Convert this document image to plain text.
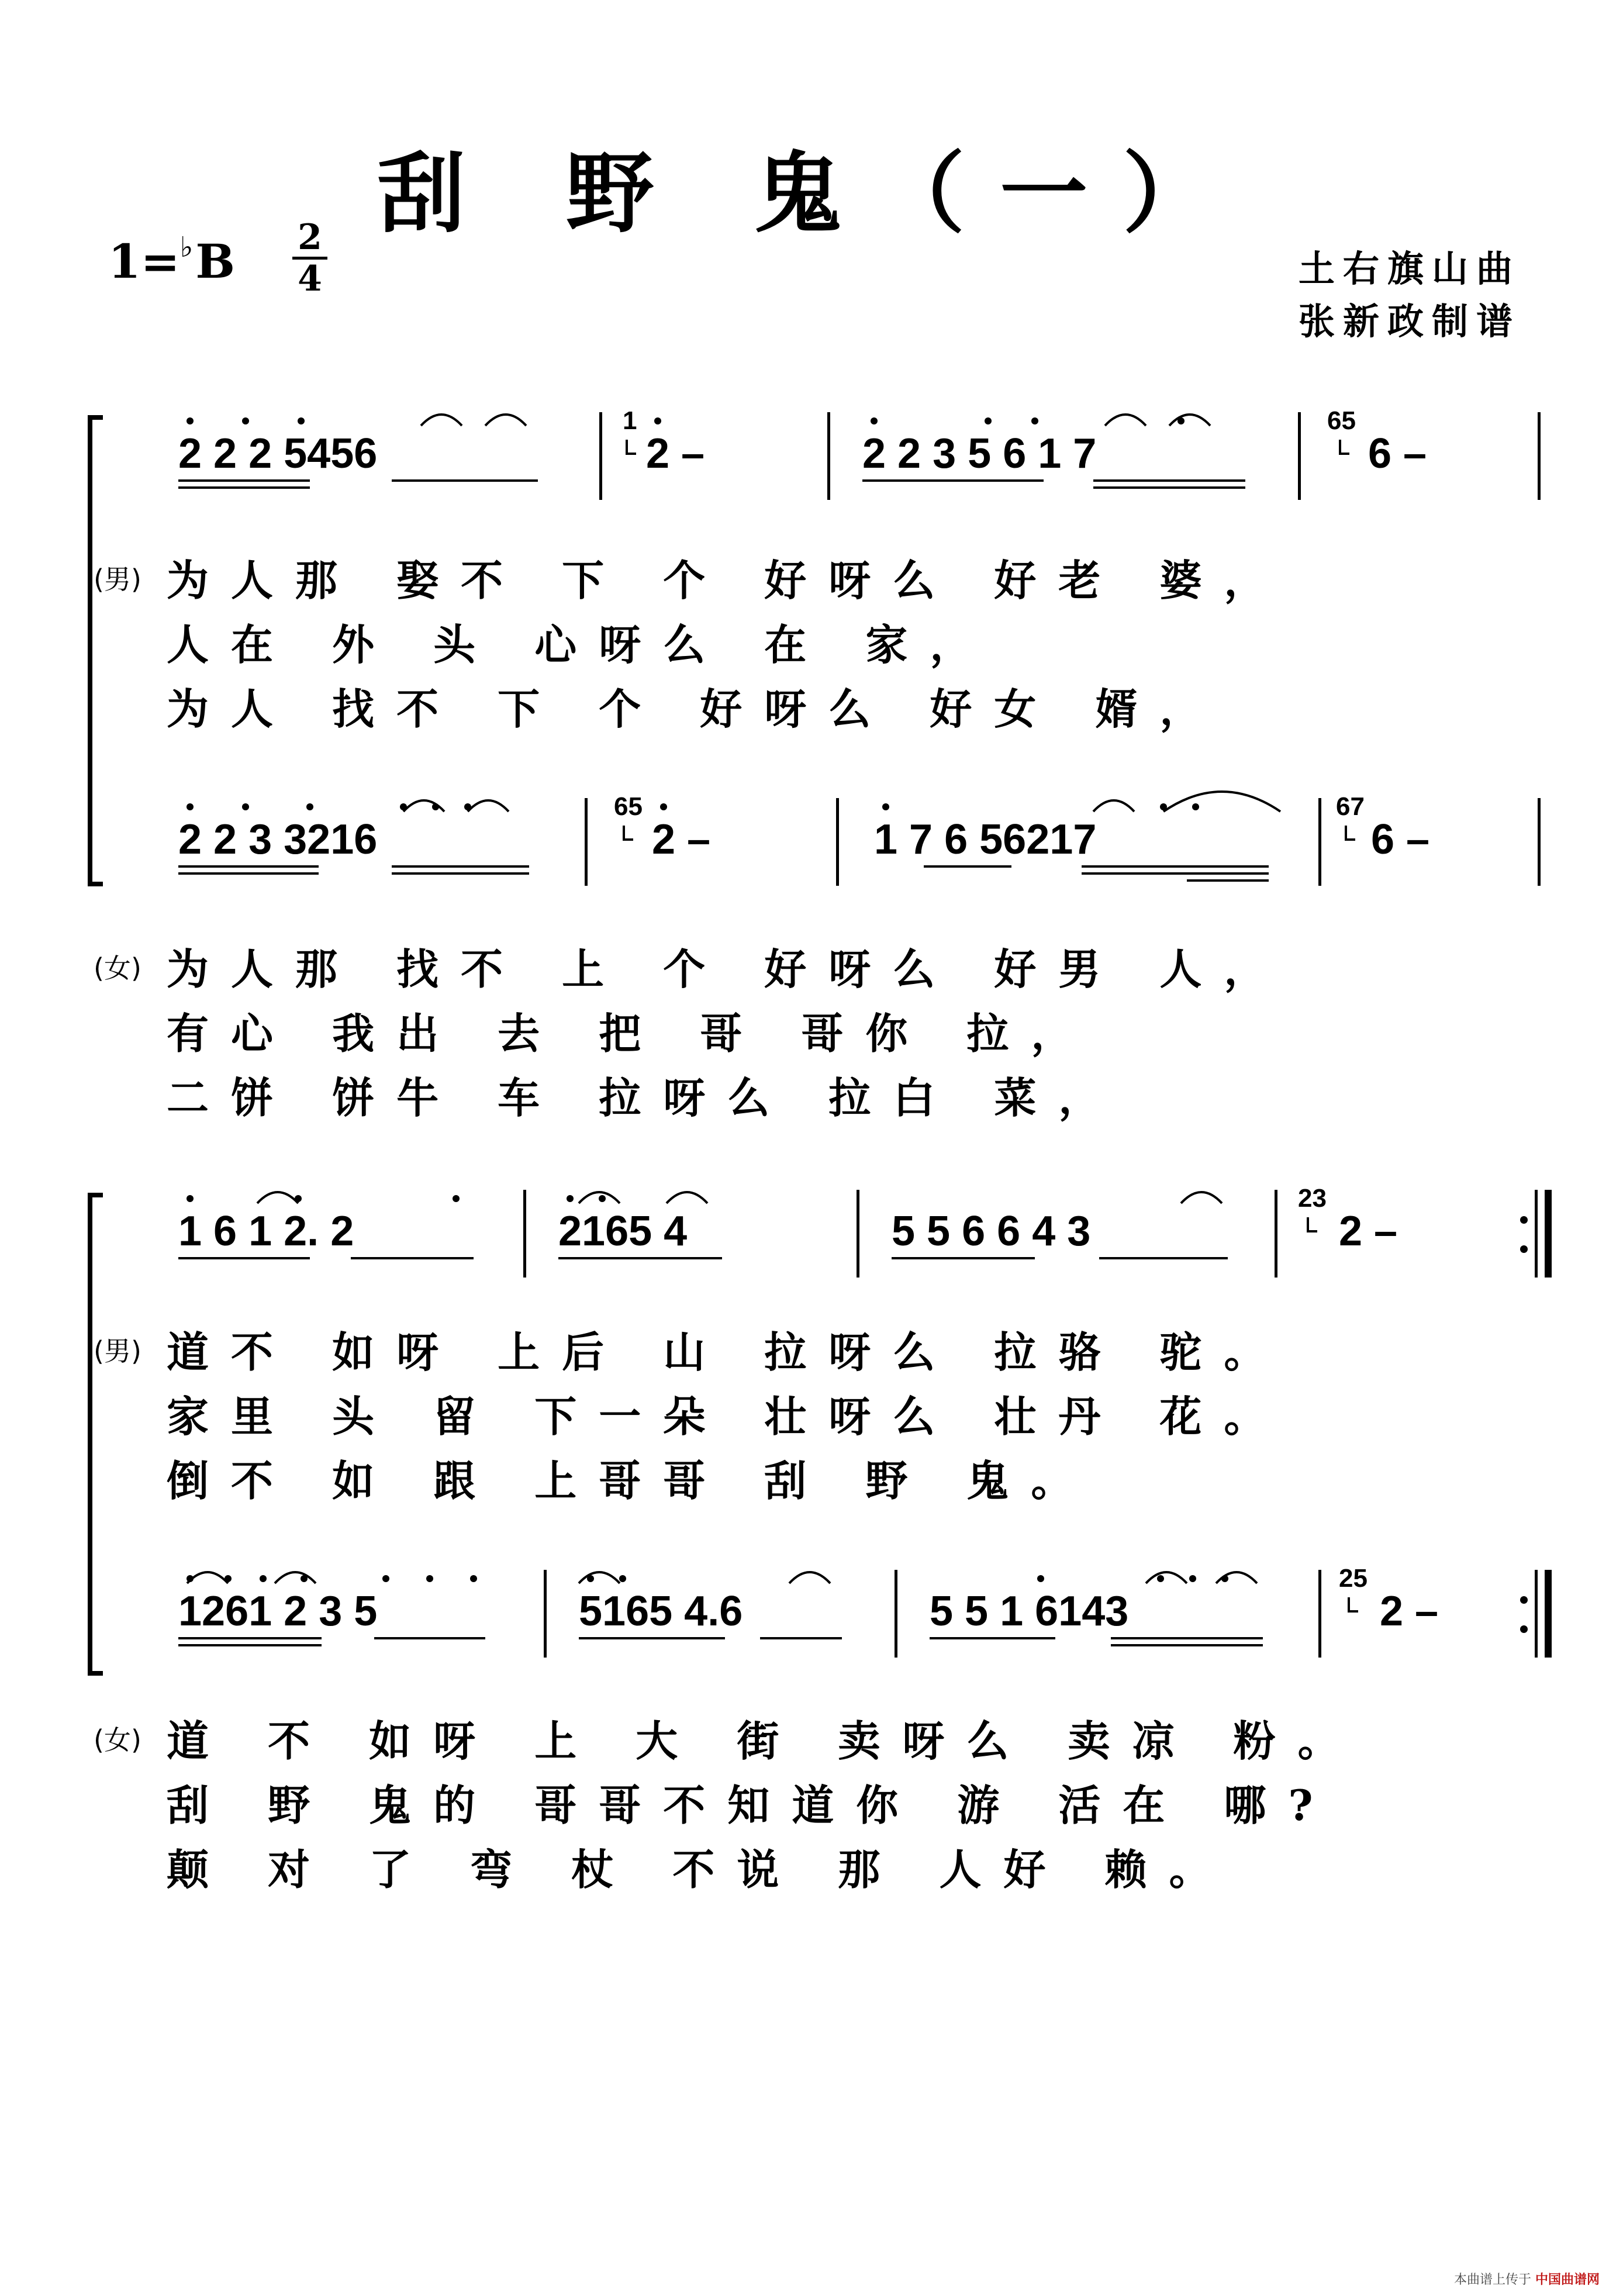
刮 野 鬼（一）
1=♭B 2
4	土右旗山曲
张新政制谱
2 2 2 5456
1
2 –	2 2 3 5 6 1 7
65
6 –
(男) 为人那 娶不 下 个 好呀么 好老 婆，
人在 外 头 心呀么 在 家，
为人 找不 下 个 好呀么 好女 婿，
2 2 3 3216
65
2 –	1 7 6 56217
67
6 –
(女) 为人那 找不 上 个 好呀么 好男 人，
有心 我出 去 把 哥 哥你 拉，
二饼 饼牛 车 拉呀么 拉白 菜，
1 6 1 2. 2	2165 4	5 5 6 6 4 3
23
2 –
(男) 道不 如呀 上后 山 拉呀么 拉骆 驼。
家里 头 留 下一朵 壮呀么 壮丹 花。
倒不 如 跟 上哥哥 刮 野 鬼。
1261 2 3 5	5165 4.6	5 5 1 6143
25
2 –
(女) 道 不 如呀 上 大 街 卖呀么 卖凉 粉。
刮 野 鬼的 哥哥不知道你 游 活在 哪?
颠 对 了 弯 杖 不说 那 人好 赖。
本曲谱上传于 中国曲谱网
